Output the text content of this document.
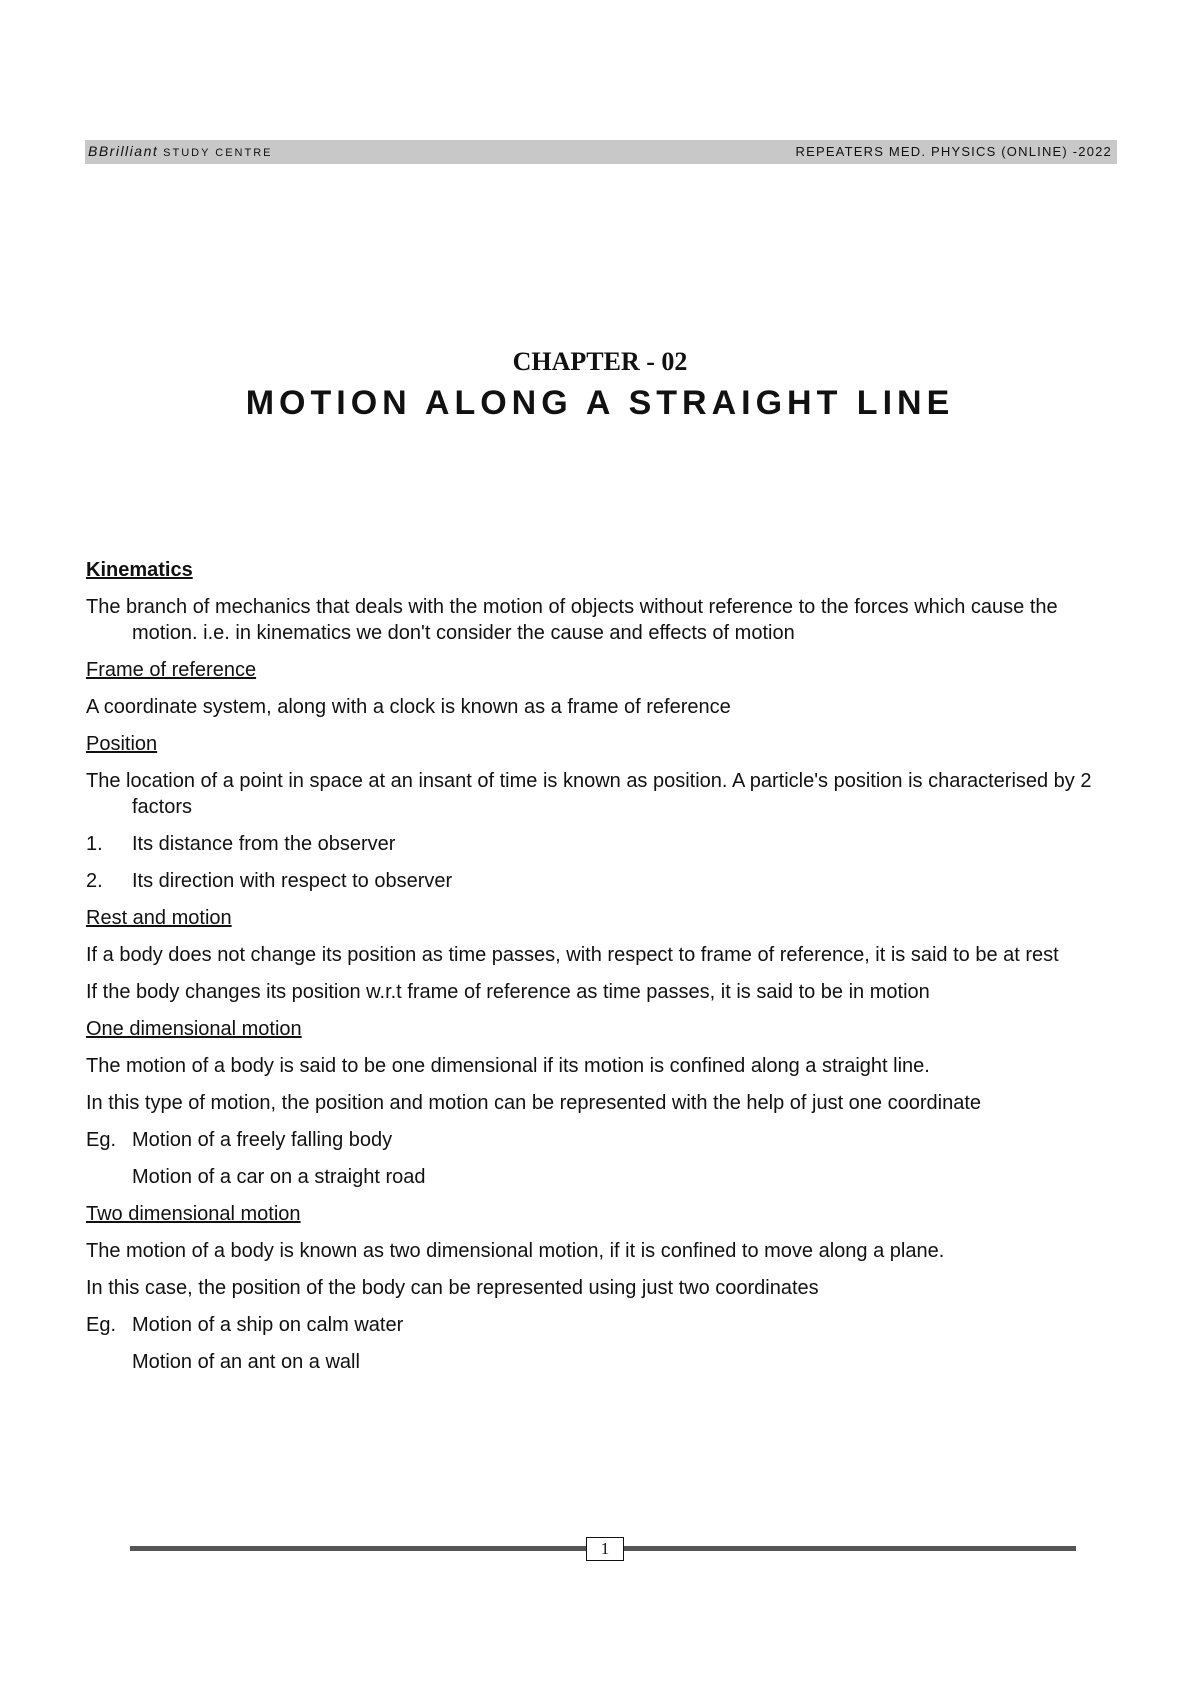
BBrilliant STUDY CENTRE	REPEATERS MED. PHYSICS (ONLINE) -2022
CHAPTER - 02
MOTION ALONG A STRAIGHT LINE
Kinematics
The branch of mechanics that deals with the motion of objects without reference to the forces which cause the motion. i.e. in kinematics we don't consider the cause and effects of motion
Frame of reference
A coordinate system, along with a clock is known as a frame of reference
Position
The location of a point in space at an insant of time is known as position. A particle's position is characterised by 2 factors
1.	Its distance from the observer
2.	Its direction with respect to observer
Rest and motion
If a body does not change its position as time passes, with respect to frame of reference, it is said to be at rest
If the body changes its position w.r.t frame of reference as time passes, it is said to be in motion
One dimensional motion
The motion of a body is said to be one dimensional if its motion is confined along a straight line.
In this type of motion, the position and motion can be represented with the help of just one coordinate
Eg. Motion of a freely falling body
Motion of a car on a straight road
Two dimensional motion
The motion of a body is known as two dimensional motion, if it is confined to move along a plane.
In this case, the position of the body can be represented using just two coordinates
Eg. Motion of a ship on calm water
Motion of an ant on a wall
1
